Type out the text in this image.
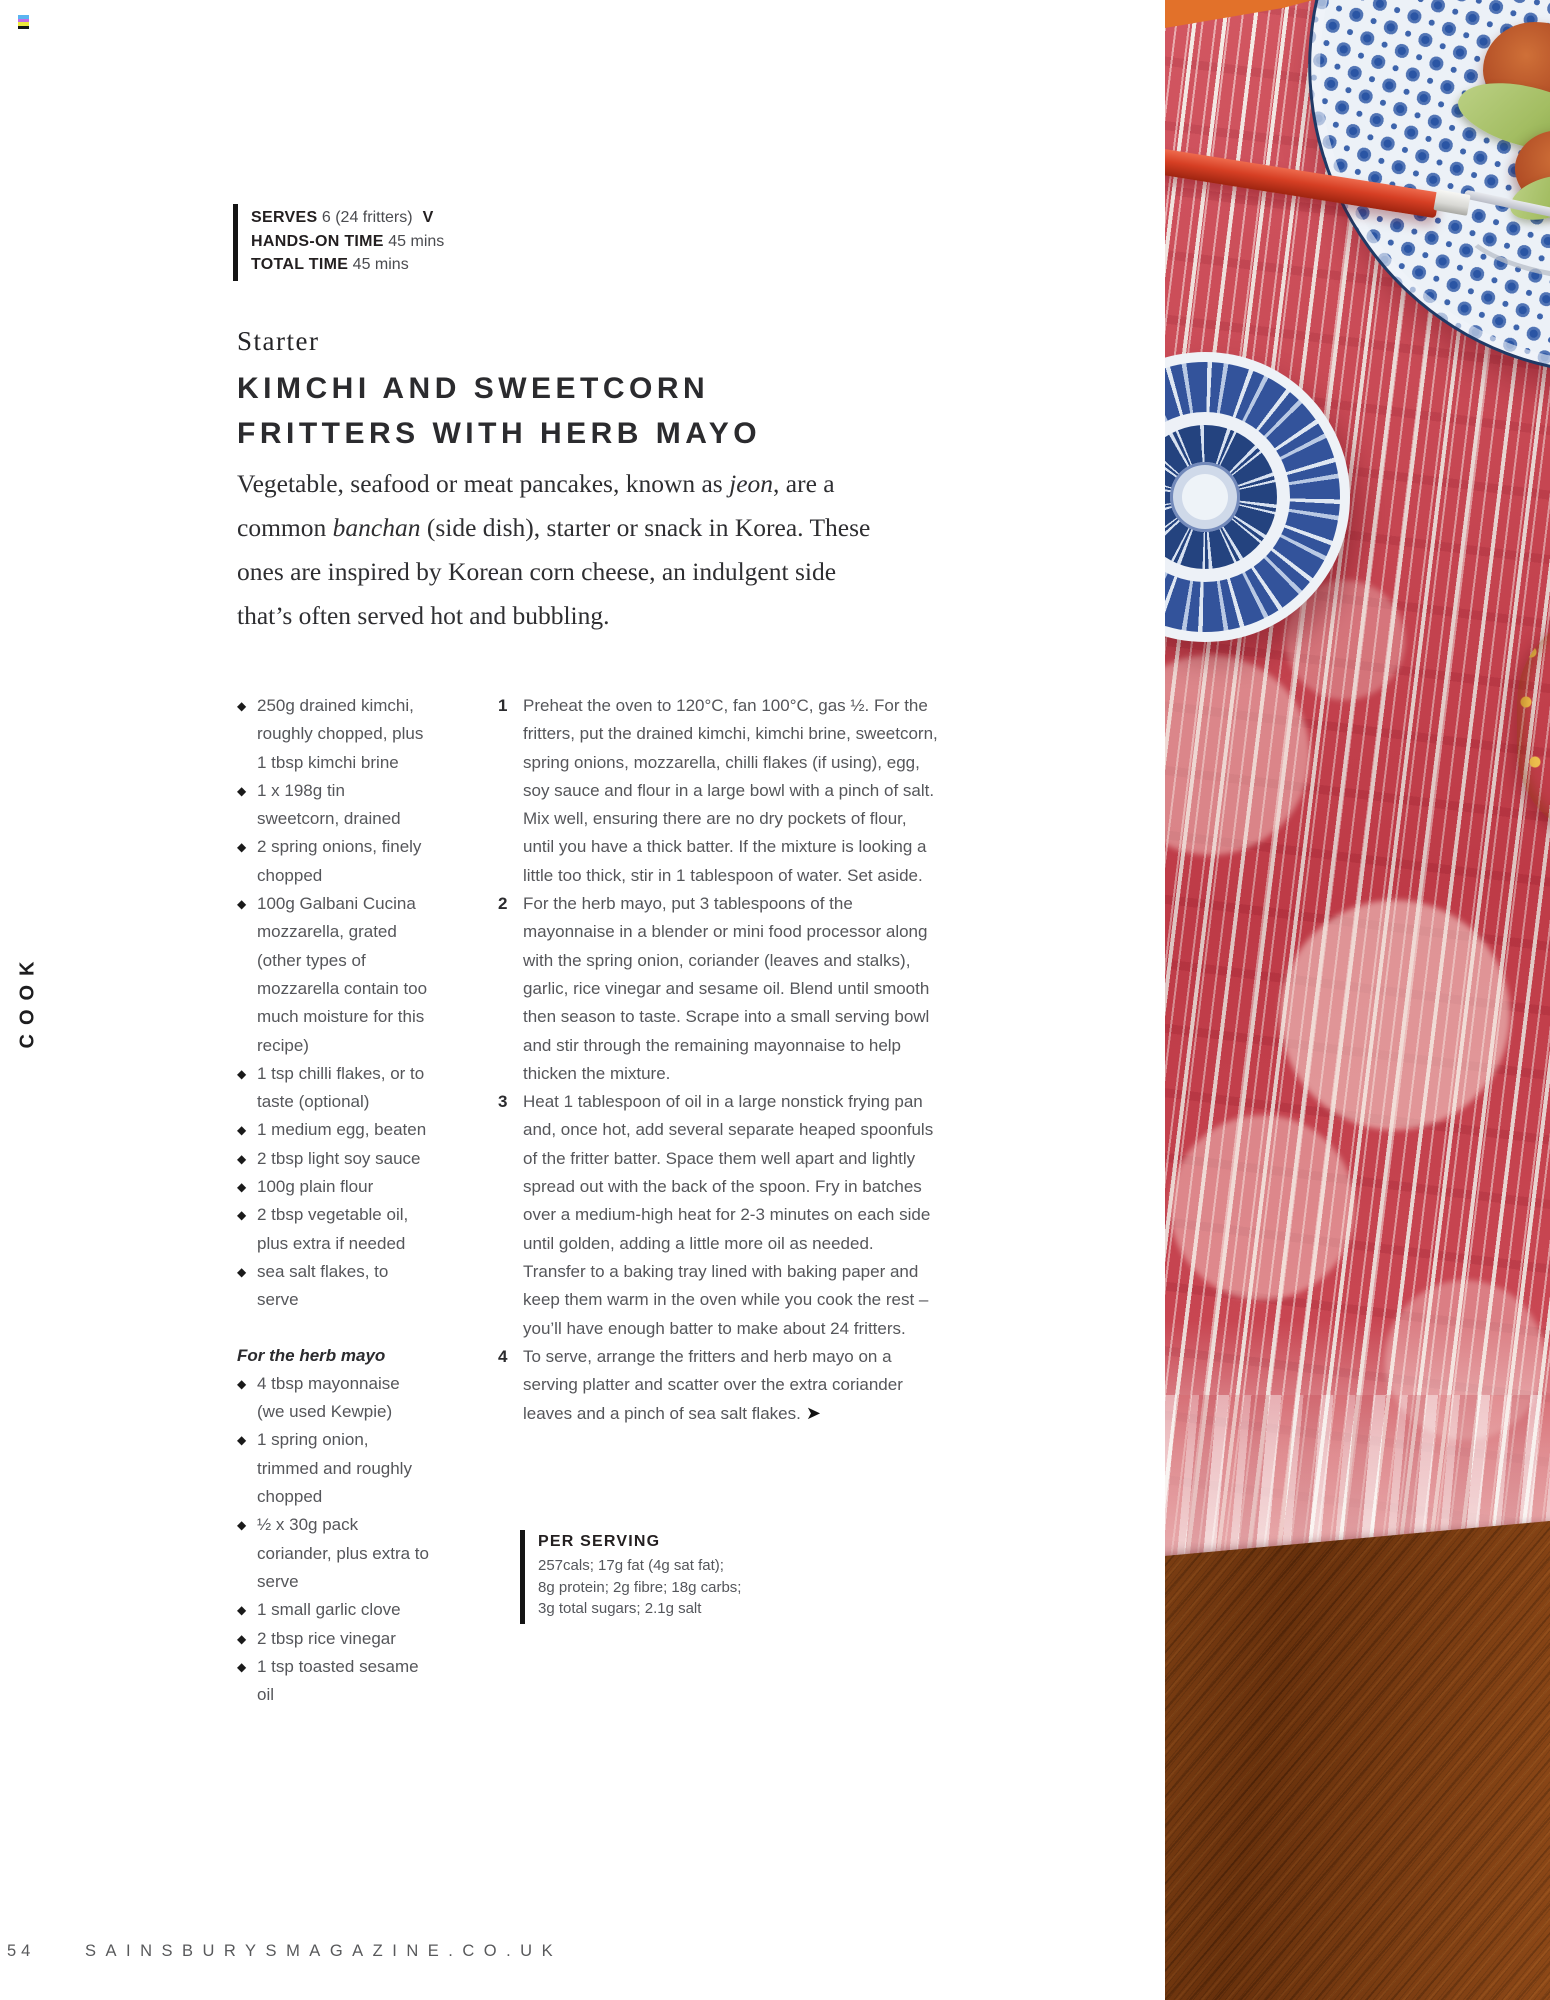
COOK
SERVES 6 (24 fritters) V
HANDS-ON TIME 45 mins
TOTAL TIME 45 mins
Starter
KIMCHI AND SWEETCORN
FRITTERS WITH HERB MAYO

Vegetable, seafood or meat pancakes, known as jeon, are a
common banchan (side dish), starter or snack in Korea. These
ones are inspired by Korean corn cheese, an indulgent side
that’s often served hot and bubbling.

◆ 250g drained kimchi, roughly chopped, plus 1 tbsp kimchi brine
◆ 1 x 198g tin sweetcorn, drained
◆ 2 spring onions, finely chopped
◆ 100g Galbani Cucina mozzarella, grated (other types of mozzarella contain too much moisture for this recipe)
◆ 1 tsp chilli flakes, or to taste (optional)
◆ 1 medium egg, beaten
◆ 2 tbsp light soy sauce
◆ 100g plain flour
◆ 2 tbsp vegetable oil, plus extra if needed
◆ sea salt flakes, to serve
For the herb mayo
◆ 4 tbsp mayonnaise (we used Kewpie)
◆ 1 spring onion, trimmed and roughly chopped
◆ ½ x 30g pack coriander, plus extra to serve
◆ 1 small garlic clove
◆ 2 tbsp rice vinegar
◆ 1 tsp toasted sesame oil
1 Preheat the oven to 120°C, fan 100°C, gas ½. For the fritters, put the drained kimchi, kimchi brine, sweetcorn, spring onions, mozzarella, chilli flakes (if using), egg, soy sauce and flour in a large bowl with a pinch of salt. Mix well, ensuring there are no dry pockets of flour, until you have a thick batter. If the mixture is looking a little too thick, stir in 1 tablespoon of water. Set aside.
2 For the herb mayo, put 3 tablespoons of the mayonnaise in a blender or mini food processor along with the spring onion, coriander (leaves and stalks), garlic, rice vinegar and sesame oil. Blend until smooth then season to taste. Scrape into a small serving bowl and stir through the remaining mayonnaise to help thicken the mixture.
3 Heat 1 tablespoon of oil in a large nonstick frying pan and, once hot, add several separate heaped spoonfuls of the fritter batter. Space them well apart and lightly spread out with the back of the spoon. Fry in batches over a medium-high heat for 2-3 minutes on each side until golden, adding a little more oil as needed. Transfer to a baking tray lined with baking paper and keep them warm in the oven while you cook the rest – you’ll have enough batter to make about 24 fritters.
4 To serve, arrange the fritters and herb mayo on a serving platter and scatter over the extra coriander leaves and a pinch of sea salt flakes. ➤
PER SERVING
257cals; 17g fat (4g sat fat);
8g protein; 2g fibre; 18g carbs;
3g total sugars; 2.1g salt
54	SAINSBURYSMAGAZINE.CO.UK
